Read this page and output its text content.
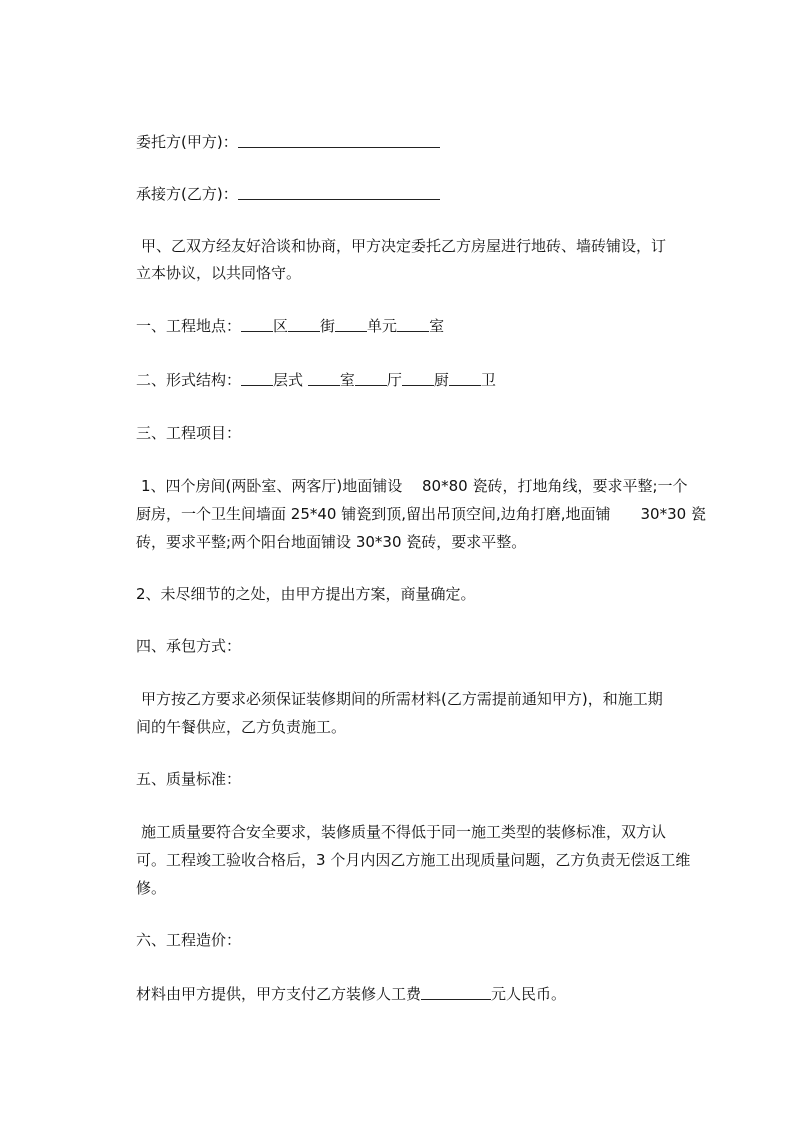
委托方(甲方)：
承接方(乙方)：
甲、乙双方经友好洽谈和协商，甲方决定委托乙方房屋进行地砖、墙砖铺设，订
立本协议，以共同恪守。
一、工程地点： 区 街 单元 室
二、形式结构： 层式 室 厅 厨 卫
三、工程项目：
1、四个房间(两卧室、两客厅)地面铺设　 80*80 瓷砖，打地角线，要求平整;一个
厨房，一个卫生间墙面 25*40 铺瓷到顶,留出吊顶空间,边角打磨,地面铺　　30*30 瓷
砖，要求平整;两个阳台地面铺设 30*30 瓷砖，要求平整。
2、未尽细节的之处，由甲方提出方案，商量确定。
四、承包方式：
甲方按乙方要求必须保证装修期间的所需材料(乙方需提前通知甲方)，和施工期
间的午餐供应，乙方负责施工。
五、质量标准：
施工质量要符合安全要求，装修质量不得低于同一施工类型的装修标准，双方认
可。工程竣工验收合格后，3 个月内因乙方施工出现质量问题，乙方负责无偿返工维
修。
六、工程造价：
材料由甲方提供，甲方支付乙方装修人工费	元人民币。
